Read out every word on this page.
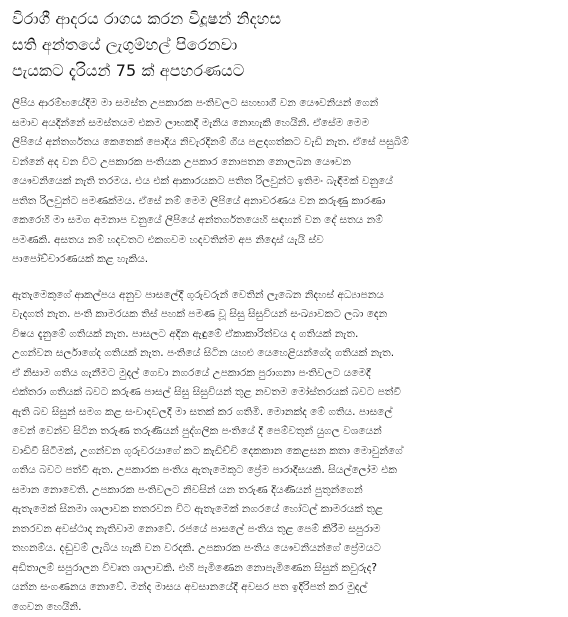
විරාගී ආදරය රාගය කරන විදූෂන් නිදහස
සති අන්තයේ ලැගුම්හල් පිරෙනවා
පැයකට දැරියන් 75 ක් අපහරණයට
ලිපිය ආරම්භයේදීම මා සමස්ත උපකාරක පංතිවලට සහභාගී වන යෞවනියන් ගෙන්
සමාව අයදින්නේ සමස්තයම එකම ලාභකදී මැනිය නොහැකි හෙයිනි. ඒසේම මෙම
ලිපියේ අන්තර්ගතය කෙතෙක් පොදිය නිවැරදිනම් ගිය පළදගත්කට වැඩි නැත. ඒසේ පසුබිම්
වන්නේ අද වන විට උපකාරක පංතියක උපකාර නොපතන නොලබන යෞවන
යෞවනියෙක් නැති තරමය. එය එක් ආකාරයකට පතිත රිලවුන්ට ඉතිමං බැඳීමක් වනුයේ
පතිත රිලවුන්ට පමණක්මය. ඒසේ නම් මෙම ලිපියේ අනාවරණය වන කරුණු කාරණා
කෙරෙහි මා සමග අමනාප වනුයේ ලිපියේ අන්තර්ගතයෙහි සඳහන් වන දේ සතය නම්
පමණකි. අසතය නම් හදවතට එකගවම හදවතින්ම අප නිදොස් යැයි ස්ව
පාපෝච්චාරණයක් කළ හැකිය.
ඇතැමෙකුගේ ආකල්පය අනුව පාසලේදී ගුරුවරුන් වෙතින් ලැබෙන නිදහස් අධ්‍යාපනය
වැදගත් නැත. පංති කාමරයක තිස් පහක් පමණ වූ සිසු සිසුවියන් සංඛ්‍යාවකට ලබා දෙන
විෂය දැනුමේ ගතියක් නැත. පාසලට අදින ඇඳුමේ ඒකාකාරිත්වය ද ගතියක් නැත.
උගන්වන සර්ලාගේද ගතියක් නැත. පංතියේ සිටින යහළු යෙහෙළියන්ගේද ගතියක් නැත.
ඒ නිසාම ගතිය ගැනීමට මුදල් ගෙවා නගරයේ උපකාරක පුරාගනා පංතිවලට යමෙදී
එක්තරා ගතියක් බවට කරුණ පාසල් සිසු සිසුවියන් තුළ නවතම මෝස්තරයක් බවට පත්වී
ඇති බව සිසුන් සමග කළ සංවාදවලදී මා සතක් කර ගතිමි. මොනක්ද මේ ගතිය. පාසලේ
වෙන් වෙන්ව සිටින තරුණ තරුණියන් පුද්ගලික පංතියේ දී පෙම්වතුන් යුගල වශයෙන්
වාඩිවී සිටීමක්, උගන්වන ගුරුවරයාගේ කට කැඩිච්චි දෙකකාන කෙළසන කතා මොවුන්ගේ
ගතිය බවට පත්වී ඇත. උපකාරක පංතිය ඇතැමෙකුට ප්‍රේම පාරාදීසයකි. සියල්ලෝම එක
සමාන නොවෙති. උපකාරක පංතිවලට නිවසින් යන තරුණ දියණියන් පුතුන්ගෙන්
ඇතැමෙක් සිනමා ශාලාවක තතරවන විට ඇතැමෙක් නගරයේ හෝටල් කාමරයක් තුළ
නතරවන අවස්ථාද නැතිවාම නොවේ. රජයේ පාසලේ පංතිය තුළ පෙම් කිරීම සපුරාම
තහනම්ය. දඬුවම් ලැබිය හැකි වන වරදකි. උපකාරක පංතිය යෞවනියන්ගේ ප්‍රේමයට
අඩිතාලම් සපුරාලන විවෘත ශාලාවකි. එහි පැමිණෙන නොපැමිණෙන සිසුන් කවුරුද?
යන්න සංගණනය නොවේ. මන්ද මාසය අවසානයේදී අවසර පත ඉදිරිපත් කර මුදල්
ගෙවන හෙයිනි.
